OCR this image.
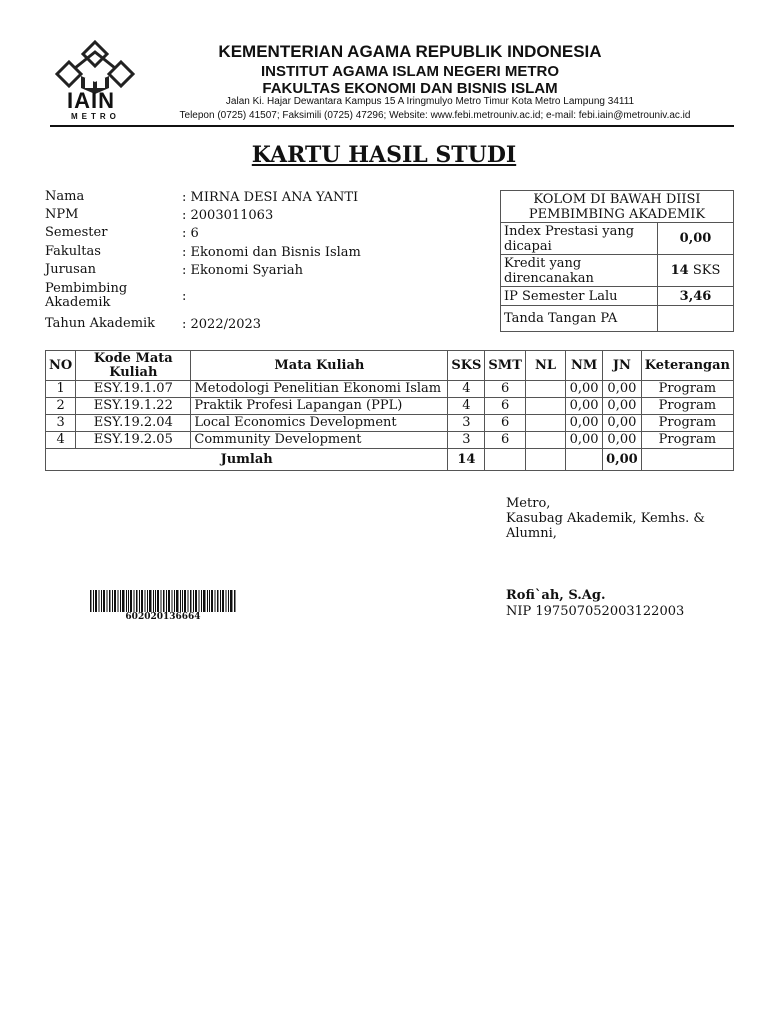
IAIN
METRO
KEMENTERIAN AGAMA REPUBLIK INDONESIA
INSTITUT AGAMA ISLAM NEGERI METRO
FAKULTAS EKONOMI DAN BISNIS ISLAM
Jalan Ki. Hajar Dewantara Kampus 15 A Iringmulyo Metro Timur Kota Metro Lampung 34111
Telepon (0725) 41507; Faksimili (0725) 47296; Website: www.febi.metrouniv.ac.id; e-mail: febi.iain@metrouniv.ac.id
KARTU HASIL STUDI
Nama	: MIRNA DESI ANA YANTI
NPM	: 2003011063
Semester	: 6
Fakultas	: Ekonomi dan Bisnis Islam
Jurusan	: Ekonomi Syariah
Pembimbing Akademik	:
Tahun Akademik : 2022/2023
KOLOM DI BAWAH DIISI PEMBIMBING AKADEMIK	
Index Prestasi yang dicapai	0,00
Kredit yang direncanakan	14 SKS
IP Semester Lalu	3,46
Tanda Tangan PA	
NO	Kode Mata Kuliah	Mata Kuliah	SKS	SMT	NL	NM	JN	Keterangan
1	ESY.19.1.07	Metodologi Penelitian Ekonomi Islam	4	6		0,00	0,00	Program
2	ESY.19.1.22	Praktik Profesi Lapangan (PPL)	4	6		0,00	0,00	Program
3	ESY.19.2.04	Local Economics Development	3	6		0,00	0,00	Program
4	ESY.19.2.05	Community Development	3	6		0,00	0,00	Program
Jumlah			14				0,00	
Metro,
Kasubag Akademik, Kemhs. & Alumni,
Rofi`ah, S.Ag.
NIP 197507052003122003
602020136664
